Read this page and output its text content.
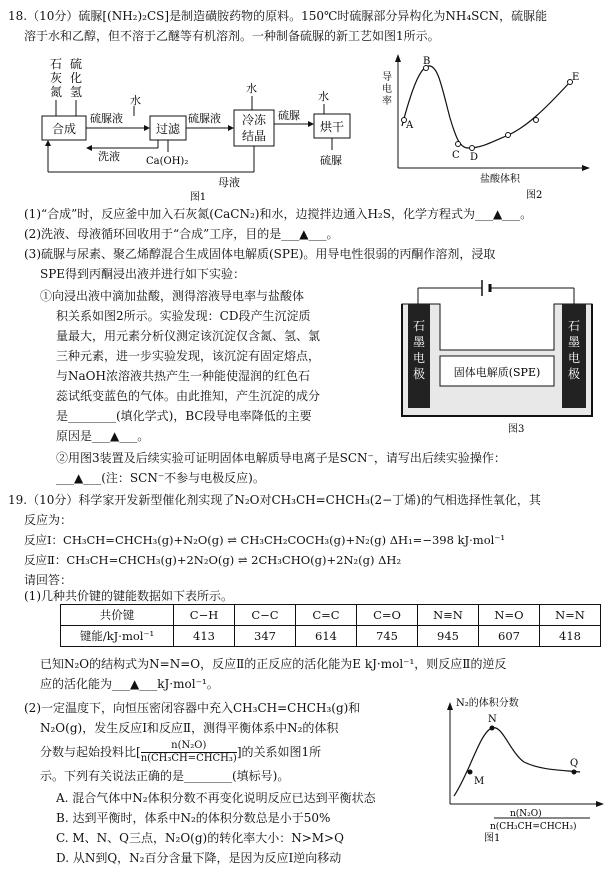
18.（10分）硫脲[(NH₂)₂CS]是制造磺胺药物的原料。150℃时硫脲部分异构化为NH₄SCN，硫脲能
溶于水和乙醇，但不溶于乙醚等有机溶剂。一种制备硫脲的新工艺如图1所示。
石灰氮
硫化氢
合成
硫脲液
水
过滤
Ca(OH)₂
硫脲液
水
冷冻
结晶
硫脲
水
烘干
硫脲
洗液
母液
图1
导电率
A
B
C D
E
盐酸体积
图2
(1)“合成”时，反应釜中加入石灰氮(CaCN₂)和水，边搅拌边通入H₂S，化学方程式为___▲___。
(2)洗液、母液循环回收用于“合成”工序，目的是___▲___。
(3)硫脲与尿素、聚乙烯醇混合生成固体电解质(SPE)。用导电性很弱的丙酮作溶剂，浸取
SPE得到丙酮浸出液并进行如下实验：
①向浸出液中滴加盐酸，测得溶液导电率与盐酸体
积关系如图2所示。实验发现：CD段产生沉淀质
量最大，用元素分析仪测定该沉淀仅含氮、氢、氯
三种元素，进一步实验发现，该沉淀有固定熔点，
与NaOH浓溶液共热产生一种能使湿润的红色石
蕊试纸变蓝色的气体。由此推知，产生沉淀的成分
是________(填化学式)，BC段导电率降低的主要
原因是___▲___。
石墨电极
石墨电极
固体电解质(SPE)
图3
②用图3装置及后续实验可证明固体电解质导电离子是SCN⁻，请写出后续实验操作：
___▲___(注：SCN⁻不参与电极反应)。
19.（10分）科学家开发新型催化剂实现了N₂O对CH₃CH=CHCH₃(2−丁烯)的气相选择性氧化，其
反应为：
反应Ⅰ：CH₃CH=CHCH₃(g)+N₂O(g) ⇌ CH₃CH₂COCH₃(g)+N₂(g) ΔH₁=−398 kJ·mol⁻¹
反应Ⅱ：CH₃CH=CHCH₃(g)+2N₂O(g) ⇌ 2CH₃CHO(g)+2N₂(g) ΔH₂
请回答：
(1)几种共价键的键能数据如下表所示。
共价键	C−H	C−C	C=C	C=O	N≡N	N=O	N=N
键能/kJ·mol⁻¹	413	347	614	745	945	607	418
已知N₂O的结构式为N=N=O，反应Ⅱ的正反应的活化能为E kJ·mol⁻¹，则反应Ⅱ的逆反
应的活化能为___▲___kJ·mol⁻¹。
(2)一定温度下，向恒压密闭容器中充入CH₃CH=CHCH₃(g)和
N₂O(g)，发生反应Ⅰ和反应Ⅱ，测得平衡体系中N₂的体积
分数与起始投料比[ $\frac{\text{n(N₂O)}}{\text{n(CH₃CH=CHCH₃)}}$ ]的关系如图1所
示。下列有关说法正确的是________(填标号)。
A. 混合气体中N₂体积分数不再变化说明反应已达到平衡状态
B. 达到平衡时，体系中N₂的体积分数总是小于50%
C. M、N、Q三点，N₂O(g)的转化率大小：N>M>Q
D. 从N到Q，N₂百分含量下降，是因为反应Ⅰ逆向移动
N₂的体积分数
M
N
Q
n(N₂O)
n(CH₃CH=CHCH₃)
图1
